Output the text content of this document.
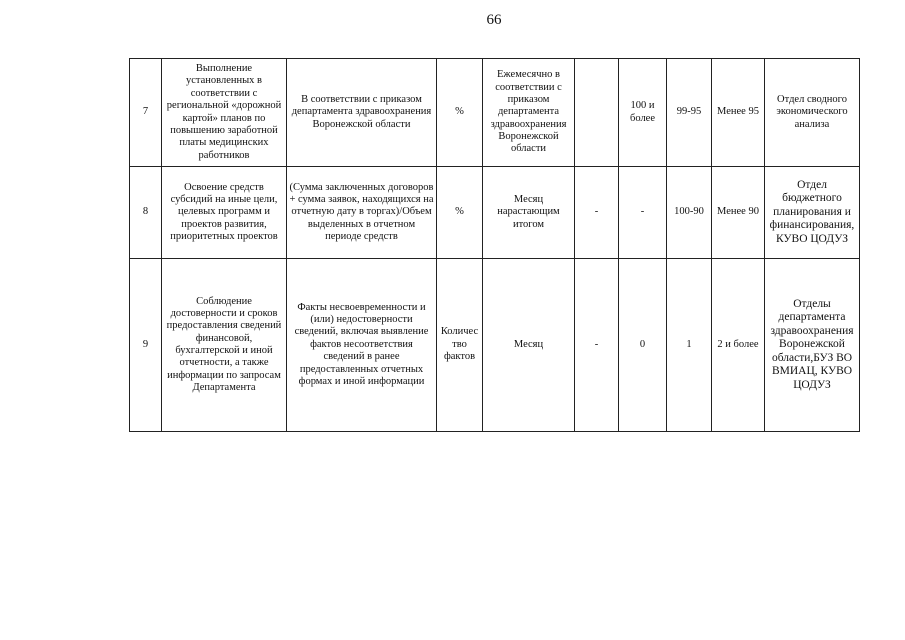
66
7	Выполнение установленных в соответствии с региональной «дорожной картой» планов по повышению заработной платы медицинских работников	В соответствии с приказом департамента здравоохранения Воронежской области	%	Ежемесячно в соответствии с приказом департамента здравоохранения Воронежской области		100 и более	99-95	Менее 95	Отдел сводного экономического анализа
8	Освоение средств субсидий на иные цели, целевых программ и проектов развития, приоритетных проектов	(Сумма заключенных договоров + сумма заявок, находящихся на отчетную дату в торгах)/Объем выделенных в отчетном периоде средств	%	Месяц нарастающим итогом	-	-	100-90	Менее 90	Отдел бюджетного планирования и финансирования, КУВО ЦОДУЗ
9	Соблюдение достоверности и сроков предоставления сведений финансовой, бухгалтерской и иной отчетности, а также информации по запросам Департамента	Факты несвоевременности и (или) недостоверности сведений, включая выявление фактов несоответствия сведений в ранее предоставленных отчетных формах и иной информации	Количество фактов	Месяц	-	0	1	2 и более	Отделы департамента здравоохранения Воронежской области,БУЗ ВО ВМИАЦ, КУВО ЦОДУЗ
